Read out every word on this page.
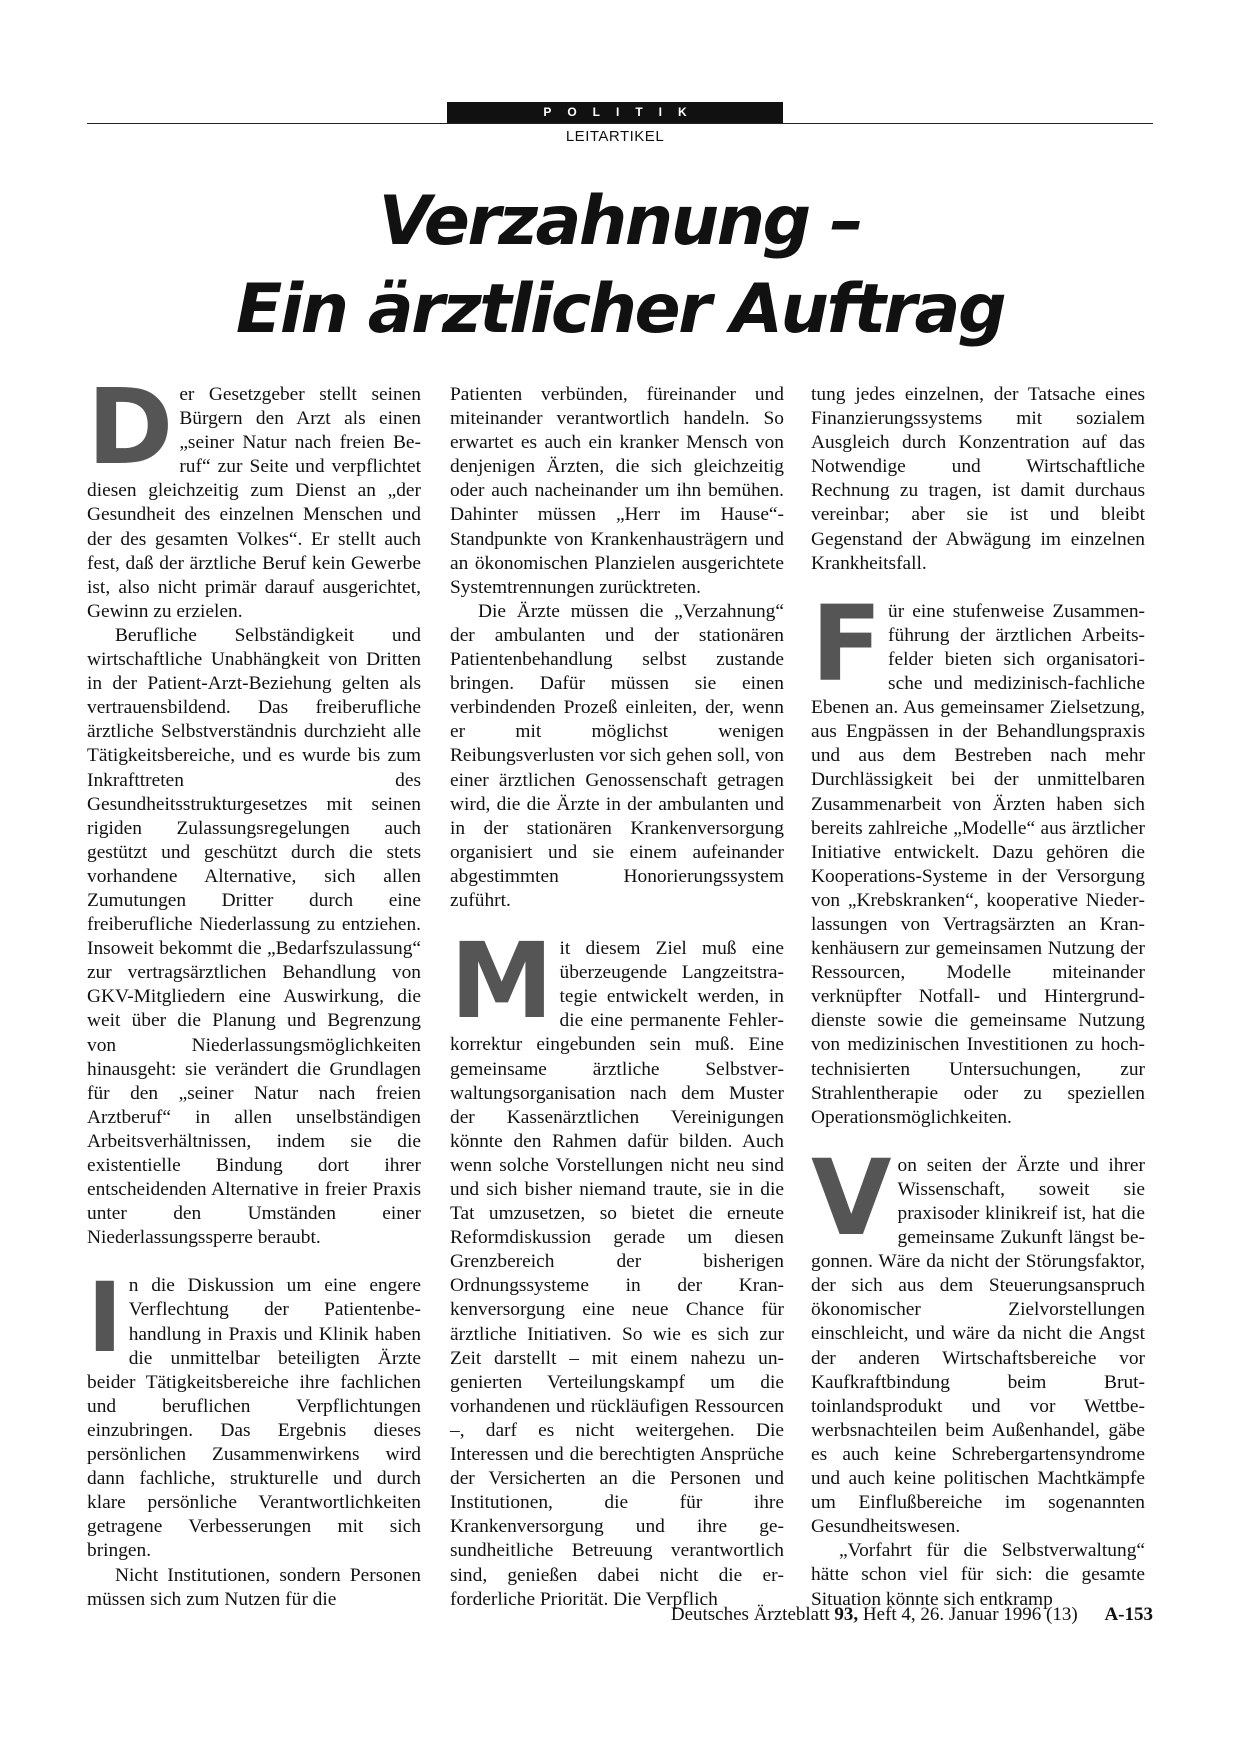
POLITIK
LEITARTIKEL
Verzahnung –
Ein ärztlicher Auftrag

Der Gesetzgeber stellt seinen Bürgern den Arzt als einen „seiner Natur nach freien Beruf“ zur Seite und verpflichtet diesen gleichzeitig zum Dienst an „der Gesundheit des einzelnen Menschen und der des gesamten Volkes“. Er stellt auch fest, daß der ärztliche Beruf kein Gewerbe ist, also nicht primär darauf ausgerichtet, Gewinn zu erzielen.

Berufliche Selbständigkeit und wirtschaftliche Unabhängkeit von Dritten in der Patient-Arzt-Beziehung gelten als vertrauensbildend. Das freiberufliche ärztliche Selbstverständnis durchzieht alle Tätigkeitsbereiche, und es wurde bis zum Inkrafttreten des Gesundheitsstrukturgesetzes mit seinen rigiden Zulassungsregelungen auch gestützt und geschützt durch die stets vorhandene Alternative, sich allen Zumutungen Dritter durch eine freiberufliche Niederlassung zu entziehen. Insoweit bekommt die „Bedarfszulassung“ zur vertragsärztlichen Behandlung von GKV-Mitgliedern eine Auswirkung, die weit über die Planung und Begrenzung von Niederlassungsmöglichkeiten hinausgeht: sie verändert die Grundlagen für den „seiner Natur nach freien Arztberuf“ in allen unselbständigen Arbeitsverhältnissen, indem sie die existentielle Bindung dort ihrer entscheidenden Alternative in freier Praxis unter den Umständen einer Niederlassungssperre beraubt.

In die Diskussion um eine engere Verflechtung der Patientenbehandlung in Praxis und Klinik haben die unmittelbar beteiligten Ärzte beider Tätigkeitsbereiche ihre fachlichen und beruflichen Verpflichtungen einzubringen. Das Ergebnis dieses persönlichen Zusammenwirkens wird dann fachliche, strukturelle und durch klare persönliche Verantwortlichkeiten getragene Verbesserungen mit sich bringen.

Nicht Institutionen, sondern Personen müssen sich zum Nutzen für die

Patienten verbünden, füreinander und miteinander verantwortlich handeln. So erwartet es auch ein kranker Mensch von denjenigen Ärzten, die sich gleichzeitig oder auch nacheinander um ihn bemühen. Dahinter müssen „Herr im Hause“-Standpunkte von Krankenhausträgern und an ökonomischen Planzielen ausgerichtete Systemtrennungen zurücktreten.

Die Ärzte müssen die „Verzahnung“ der ambulanten und der stationären Patientenbehandlung selbst zustande bringen. Dafür müssen sie einen verbindenden Prozeß einleiten, der, wenn er mit möglichst wenigen Reibungsverlusten vor sich gehen soll, von einer ärztlichen Genossenschaft getragen wird, die die Ärzte in der ambulanten und in der stationären Krankenversorgung organisiert und sie einem aufeinander abgestimmten Honorierungssystem zuführt.

Mit diesem Ziel muß eine überzeugende Langzeitstrategie entwickelt werden, in die eine permanente Fehlerkorrektur eingebunden sein muß. Eine gemeinsame ärztliche Selbstverwaltungsorganisation nach dem Muster der Kassenärztlichen Vereinigungen könnte den Rahmen dafür bilden. Auch wenn solche Vorstellungen nicht neu sind und sich bisher niemand traute, sie in die Tat umzusetzen, so bietet die erneute Reformdiskussion gerade um diesen Grenzbereich der bisherigen Ordnungssysteme in der Krankenversorgung eine neue Chance für ärztliche Initiativen. So wie es sich zur Zeit darstellt – mit einem nahezu ungenierten Verteilungskampf um die vorhandenen und rückläufigen Ressourcen –, darf es nicht weitergehen. Die Interessen und die berechtigten Ansprüche der Versicherten an die Personen und Institutionen, die für ihre Krankenversorgung und ihre gesundheitliche Betreuung verantwortlich sind, genießen dabei nicht die erforderliche Priorität. Die Verpflich

tung jedes einzelnen, der Tatsache eines Finanzierungssystems mit sozialem Ausgleich durch Konzentration auf das Notwendige und Wirtschaftliche Rechnung zu tragen, ist damit durchaus vereinbar; aber sie ist und bleibt Gegenstand der Abwägung im einzelnen Krankheitsfall.

Für eine stufenweise Zusammenführung der ärztlichen Arbeitsfelder bieten sich organisatorische und medizinisch-fachliche Ebenen an. Aus gemeinsamer Zielsetzung, aus Engpässen in der Behandlungspraxis und aus dem Bestreben nach mehr Durchlässigkeit bei der unmittelbaren Zusammenarbeit von Ärzten haben sich bereits zahlreiche „Modelle“ aus ärztlicher Initiative entwickelt. Dazu gehören die Kooperations-Systeme in der Versorgung von „Krebskranken“, kooperative Niederlassungen von Vertragsärzten an Krankenhäusern zur gemeinsamen Nutzung der Ressourcen, Modelle miteinander verknüpfter Notfall- und Hintergrunddienste sowie die gemeinsame Nutzung von medizinischen Investitionen zu hoch-technisierten Untersuchungen, zur Strahlentherapie oder zu speziellen Operationsmöglichkeiten.

Von seiten der Ärzte und ihrer Wissenschaft, soweit sie praxisoder klinikreif ist, hat die gemeinsame Zukunft längst begonnen. Wäre da nicht der Störungsfaktor, der sich aus dem Steuerungsanspruch ökonomischer Zielvorstellungen einschleicht, und wäre da nicht die Angst der anderen Wirtschaftsbereiche vor Kaufkraftbindung beim Bruttoinlandsprodukt und vor Wettbewerbsnachteilen beim Außenhandel, gäbe es auch keine Schrebergartensyndrome und auch keine politischen Machtkämpfe um Einflußbereiche im sogenannten Gesundheitswesen.

„Vorfahrt für die Selbstverwaltung“ hätte schon viel für sich: die gesamte Situation könnte sich entkramp

Deutsches Ärzteblatt 93, Heft 4, 26. Januar 1996 (13) A-153
